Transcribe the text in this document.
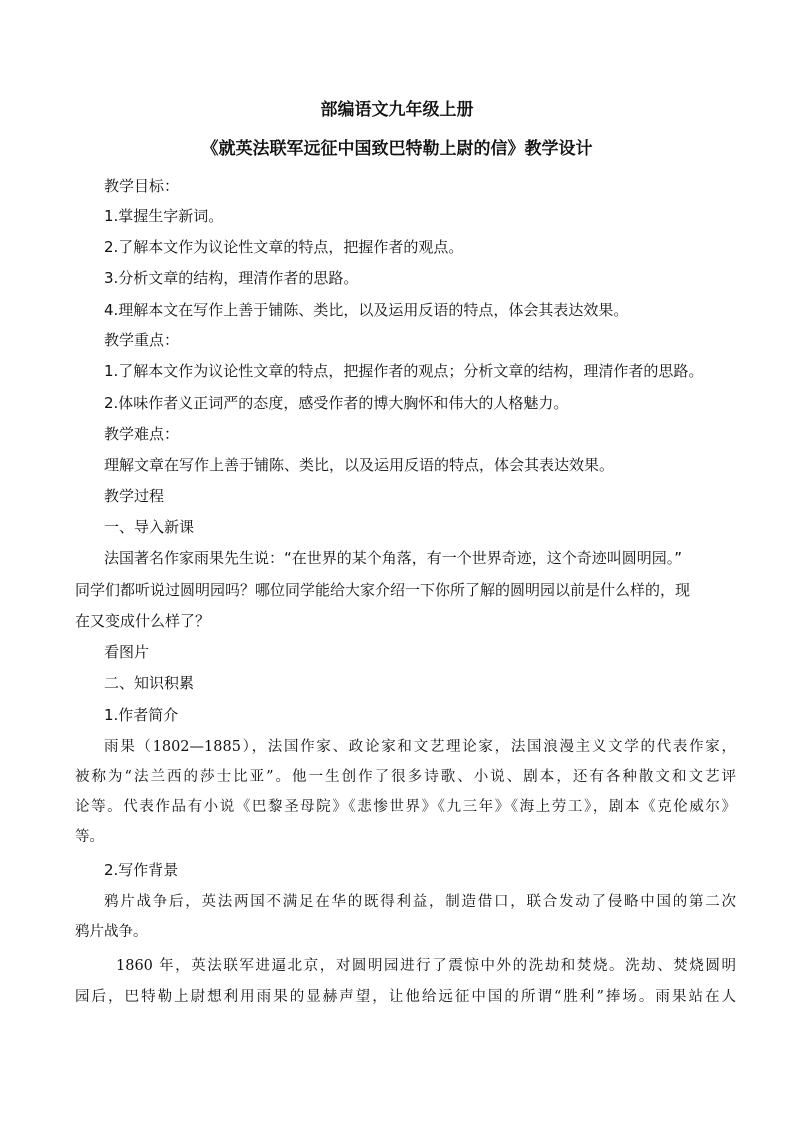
部编语文九年级上册
《就英法联军远征中国致巴特勒上尉的信》教学设计
教学目标：
1.掌握生字新词。
2.了解本文作为议论性文章的特点，把握作者的观点。
3.分析文章的结构，理清作者的思路。
4.理解本文在写作上善于铺陈、类比，以及运用反语的特点，体会其表达效果。
教学重点：
1.了解本文作为议论性文章的特点，把握作者的观点；分析文章的结构，理清作者的思路。
2.体味作者义正词严的态度，感受作者的博大胸怀和伟大的人格魅力。
教学难点：
理解文章在写作上善于铺陈、类比，以及运用反语的特点，体会其表达效果。
教学过程
一、导入新课
法国著名作家雨果先生说：“在世界的某个角落，有一个世界奇迹，这个奇迹叫圆明园。”
同学们都听说过圆明园吗？哪位同学能给大家介绍一下你所了解的圆明园以前是什么样的，现
在又变成什么样了？
看图片
二、知识积累
1.作者简介
雨果（1802—1885），法国作家、政论家和文艺理论家，法国浪漫主义文学的代表作家，
被称为“法兰西的莎士比亚”。他一生创作了很多诗歌、小说、剧本，还有各种散文和文艺评
论等。代表作品有小说《巴黎圣母院》《悲惨世界》《九三年》《海上劳工》，剧本《克伦威尔》
等。
2.写作背景
鸦片战争后，英法两国不满足在华的既得利益，制造借口，联合发动了侵略中国的第二次
鸦片战争。
1860 年，英法联军进逼北京，对圆明园进行了震惊中外的洗劫和焚烧。洗劫、焚烧圆明
园后，巴特勒上尉想利用雨果的显赫声望，让他给远征中国的所谓“胜利”捧场。雨果站在人
